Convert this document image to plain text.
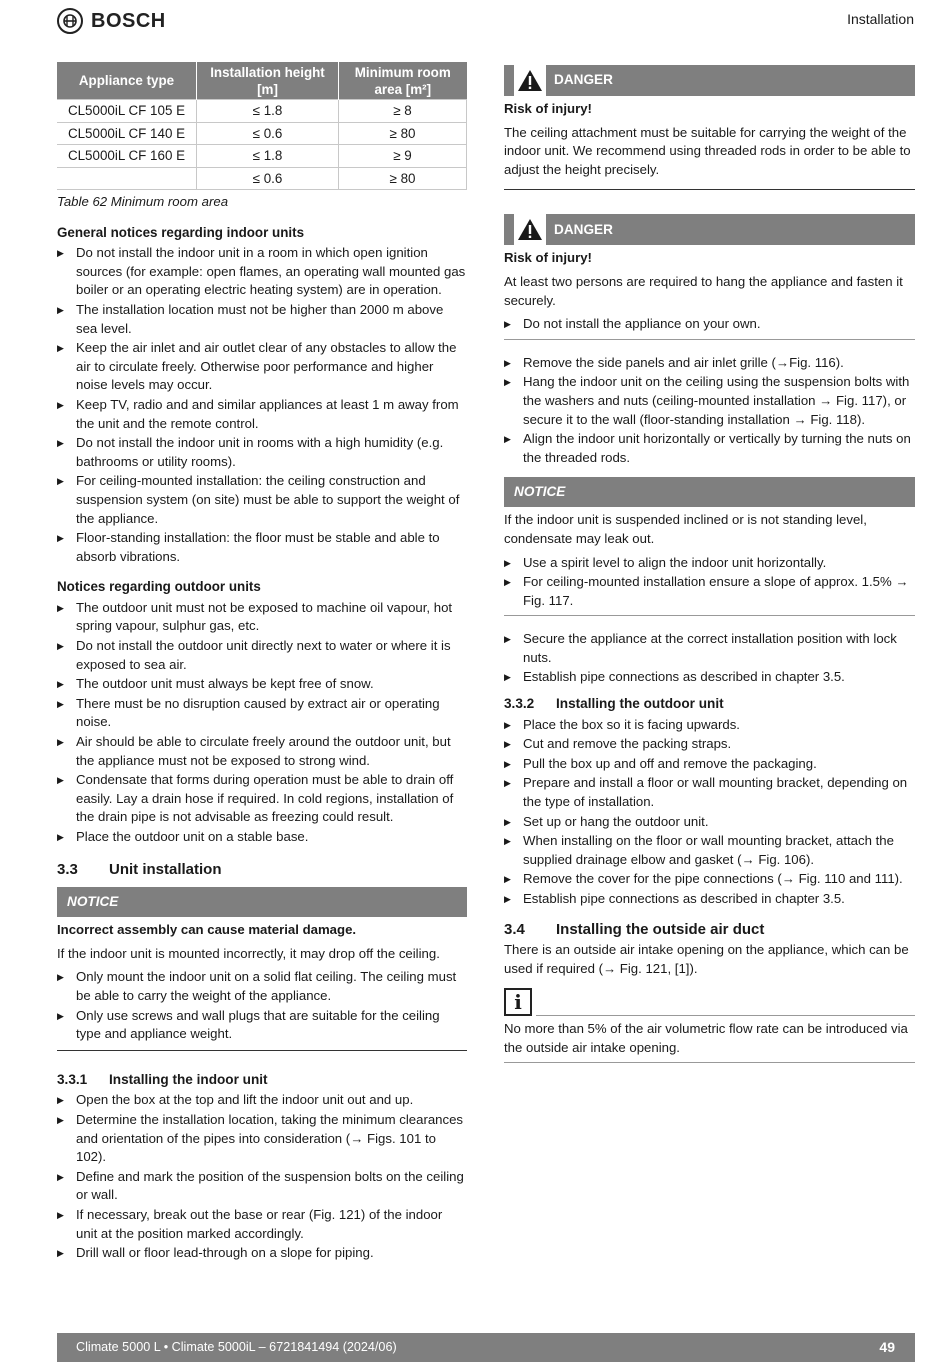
BOSCH	Installation
Appliance type	Installation height [m]	Minimum room area [m²]
CL5000iL CF 105 E	≤ 1.8	≥ 8
CL5000iL CF 140 E	≤ 0.6	≥ 80
CL5000iL CF 160 E	≤ 1.8	≥ 9
	≤ 0.6	≥ 80
Table 62 Minimum room area
General notices regarding indoor units
▶ Do not install the indoor unit in a room in which open ignition sources (for example: open flames, an operating wall mounted gas boiler or an operating electric heating system) are in operation.
▶ The installation location must not be higher than 2000 m above sea level.
▶ Keep the air inlet and air outlet clear of any obstacles to allow the air to circulate freely. Otherwise poor performance and higher noise levels may occur.
▶ Keep TV, radio and and similar appliances at least 1 m away from the unit and the remote control.
▶ Do not install the indoor unit in rooms with a high humidity (e.g. bathrooms or utility rooms).
▶ For ceiling-mounted installation: the ceiling construction and suspension system (on site) must be able to support the weight of the appliance.
▶ Floor-standing installation: the floor must be stable and able to absorb vibrations.
Notices regarding outdoor units
▶ The outdoor unit must not be exposed to machine oil vapour, hot spring vapour, sulphur gas, etc.
▶ Do not install the outdoor unit directly next to water or where it is exposed to sea air.
▶ The outdoor unit must always be kept free of snow.
▶ There must be no disruption caused by extract air or operating noise.
▶ Air should be able to circulate freely around the outdoor unit, but the appliance must not be exposed to strong wind.
▶ Condensate that forms during operation must be able to drain off easily. Lay a drain hose if required. In cold regions, installation of the drain pipe is not advisable as freezing could result.
▶ Place the outdoor unit on a stable base.
3.3	Unit installation
NOTICE
Incorrect assembly can cause material damage.

If the indoor unit is mounted incorrectly, it may drop off the ceiling.

▶ Only mount the indoor unit on a solid flat ceiling. The ceiling must be able to carry the weight of the appliance.
▶ Only use screws and wall plugs that are suitable for the ceiling type and appliance weight.
3.3.1	Installing the indoor unit
▶ Open the box at the top and lift the indoor unit out and up.
▶ Determine the installation location, taking the minimum clearances and orientation of the pipes into consideration (→ Figs. 101 to 102).
▶ Define and mark the position of the suspension bolts on the ceiling or wall.
▶ If necessary, break out the base or rear (Fig. 121) of the indoor unit at the position marked accordingly.
▶ Drill wall or floor lead-through on a slope for piping.
DANGER
Risk of injury!

The ceiling attachment must be suitable for carrying the weight of the indoor unit. We recommend using threaded rods in order to be able to adjust the height precisely.

DANGER
Risk of injury!

At least two persons are required to hang the appliance and fasten it securely.

▶ Do not install the appliance on your own.
▶ Remove the side panels and air inlet grille (→Fig. 116).
▶ Hang the indoor unit on the ceiling using the suspension bolts with the washers and nuts (ceiling-mounted installation → Fig. 117), or secure it to the wall (floor-standing installation → Fig. 118).
▶ Align the indoor unit horizontally or vertically by turning the nuts on the threaded rods.
NOTICE

If the indoor unit is suspended inclined or is not standing level, condensate may leak out.

▶ Use a spirit level to align the indoor unit horizontally.
▶ For ceiling-mounted installation ensure a slope of approx. 1.5% → Fig. 117.
▶ Secure the appliance at the correct installation position with lock nuts.
▶ Establish pipe connections as described in chapter 3.5.
3.3.2	Installing the outdoor unit
▶ Place the box so it is facing upwards.
▶ Cut and remove the packing straps.
▶ Pull the box up and off and remove the packaging.
▶ Prepare and install a floor or wall mounting bracket, depending on the type of installation.
▶ Set up or hang the outdoor unit.
▶ When installing on the floor or wall mounting bracket, attach the supplied drainage elbow and gasket (→ Fig. 106).
▶ Remove the cover for the pipe connections (→ Fig. 110 and 111).
▶ Establish pipe connections as described in chapter 3.5.
3.4	Installing the outside air duct

There is an outside air intake opening on the appliance, which can be used if required (→ Fig. 121, [1]).

i

No more than 5% of the air volumetric flow rate can be introduced via the outside air intake opening.

Climate 5000 L • Climate 5000iL – 6721841494 (2024/06)	49
